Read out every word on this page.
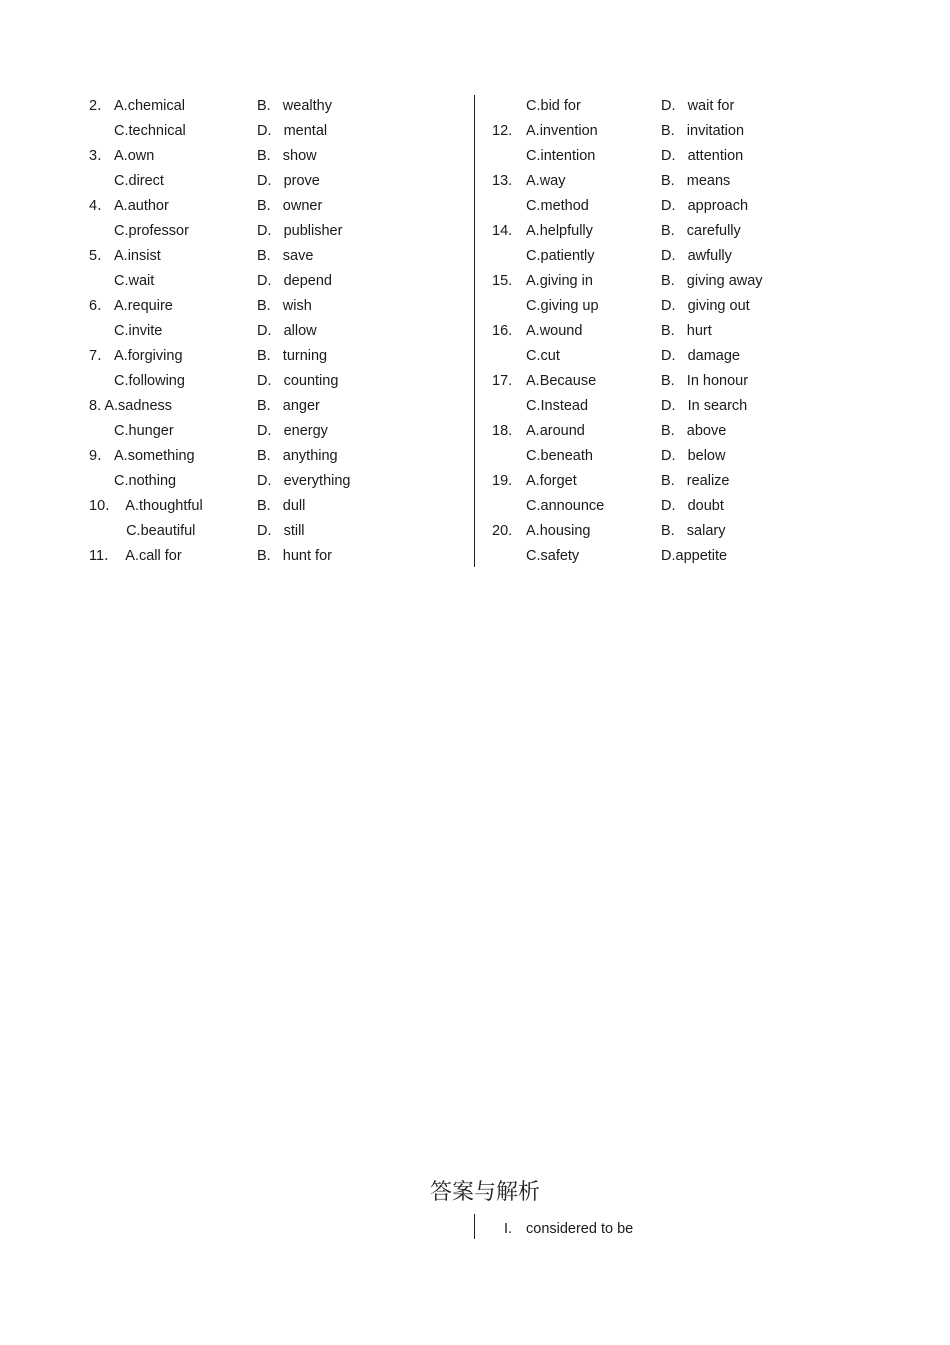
2． A.chemical	B.   wealthy
C.technical	D.   mental
3． A.own	B.   show
C.direct	D.   prove
4． A.author	B.   owner
C.professor	D.   publisher
5． A.insist	B.   save
C.wait	D.   depend
6． A.require	B.   wish
C.invite	D.   allow
7． A.forgiving	B.   turning
C.following	D.   counting
8. A.sadness	B.   anger
C.hunger	D.   energy
9． A.something	B.   anything
C.nothing	D.   everything
10．
A.thoughtful	B.   dull
C.beautiful	D.   still
11．
A.call for	B.   hunt for
C.bid for	D.   wait for
12. A.invention	B.   invitation
C.intention	D.   attention
13. A.way	B.   means
C.method	D.   approach
14. A.helpfully	B.   carefully
C.patiently	D.   awfully
15. A.giving in	B.   giving away
C.giving up	D.   giving out
16. A.wound	B.   hurt
C.cut	D.   damage
17. A.Because	B.   In honour
C.Instead	D.   In search
18. A.around	B.   above
C.beneath	D.   below
19. A.forget	B.   realize
C.announce	D.   doubt
20. A.housing	B.   salary
C.safety	D.appetite
答案与解析

I.

considered to be
